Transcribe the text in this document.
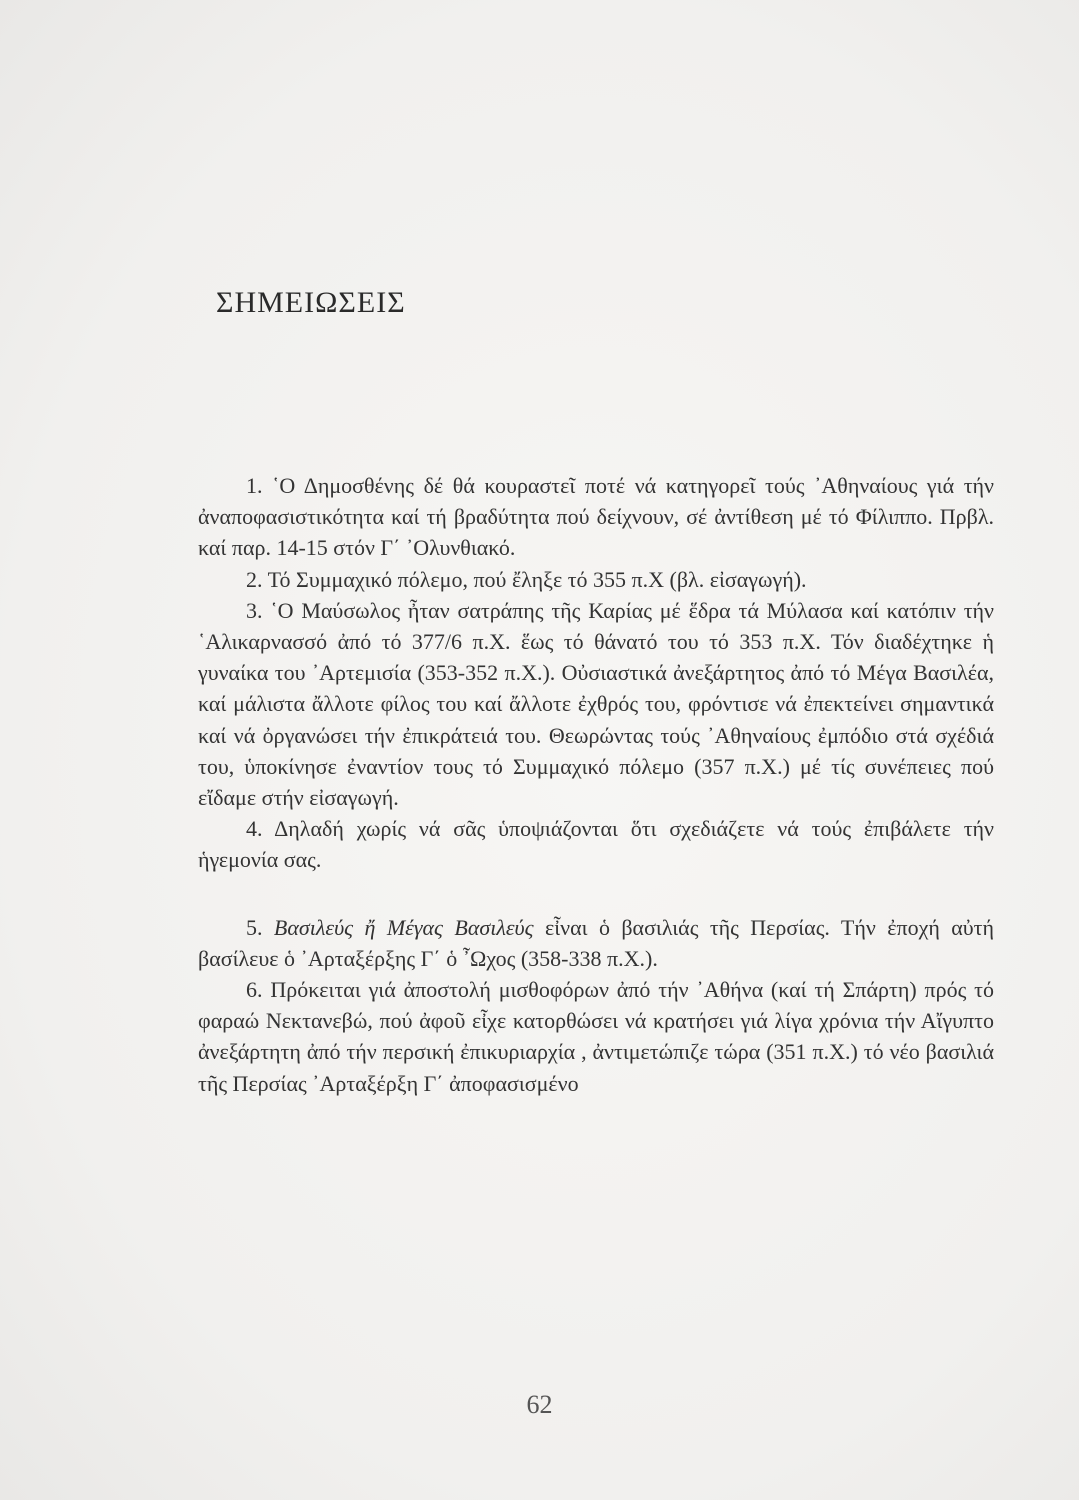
ΣΗΜΕΙΩΣΕΙΣ

1. ῾Ο Δημοσθένης δέ θά κουραστεῖ ποτέ νά κατηγορεῖ τούς ᾿Αθηναίους γιά τήν ἀναποφασιστικότητα καί τή βραδύτητα πού δείχνουν, σέ ἀντίθεση μέ τό Φίλιππο. Πρβλ. καί παρ. 14-15 στόν Γ΄ ᾿Ολυνθιακό.

2. Τό Συμμαχικό πόλεμο, πού ἔληξε τό 355 π.Χ (βλ. εἰσαγωγή).

3. ῾Ο Μαύσωλος ἦταν σατράπης τῆς Καρίας μέ ἕδρα τά Μύλασα καί κατόπιν τήν ῾Αλικαρνασσό ἀπό τό 377/6 π.Χ. ἕως τό θάνατό του τό 353 π.Χ. Τόν διαδέχτηκε ἡ γυναίκα του ᾿Αρτεμισία (353-352 π.Χ.). Οὐσιαστικά ἀνεξάρτητος ἀπό τό Μέγα Βασιλέα, καί μάλιστα ἄλλοτε φίλος του καί ἄλλοτε ἐχθρός του, φρόντισε νά ἐπεκτείνει σημαντικά καί νά ὀργανώσει τήν ἐπικράτειά του. Θεωρώντας τούς ᾿Αθηναίους ἐμπόδιο στά σχέδιά του, ὑποκίνησε ἐναντίον τους τό Συμμαχικό πόλεμο (357 π.Χ.) μέ τίς συνέπειες πού εἴδαμε στήν εἰσαγωγή.

4. Δηλαδή χωρίς νά σᾶς ὑποψιάζονται ὅτι σχεδιάζετε νά τούς ἐπιβάλετε τήν ἡγεμονία σας.

5. Βασιλεύς ἤ Μέγας Βασιλεύς εἶναι ὁ βασιλιάς τῆς Περσίας. Τήν ἐποχή αὐτή βασίλευε ὁ ᾿Αρταξέρξης Γ΄ ὁ ῏Ωχος (358-338 π.Χ.).

6. Πρόκειται γιά ἀποστολή μισθοφόρων ἀπό τήν ᾿Αθήνα (καί τή Σπάρτη) πρός τό φαραώ Νεκτανεβώ, πού ἀφοῦ εἶχε κατορθώσει νά κρατήσει γιά λίγα χρόνια τήν Αἴγυπτο ἀνεξάρτητη ἀπό τήν περσική ἐπικυριαρχία , ἀντιμετώπιζε τώρα (351 π.Χ.) τό νέο βασιλιά τῆς Περσίας ᾿Αρταξέρξη Γ΄ ἀποφασισμένο

62
